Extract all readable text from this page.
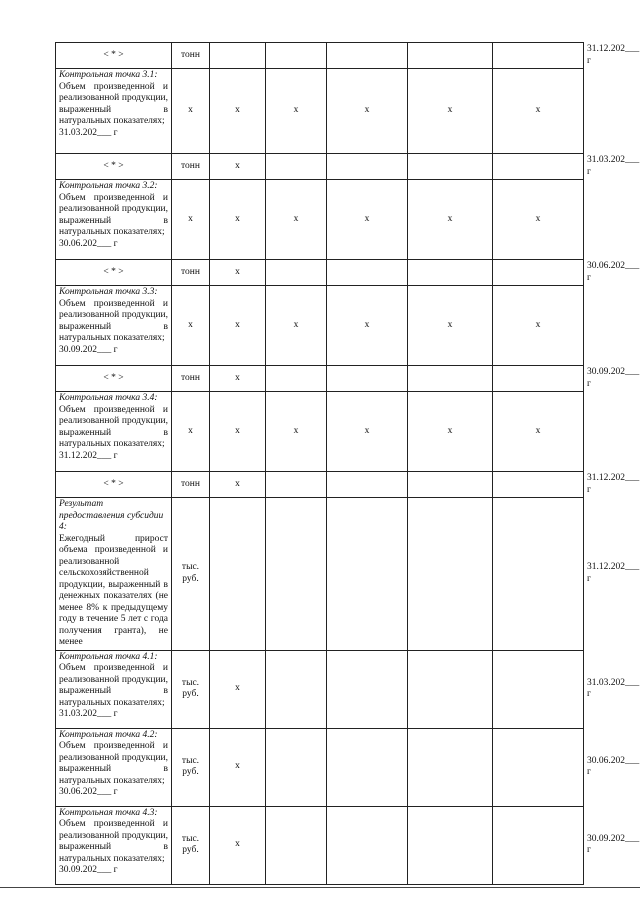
< * >	тонн						31.12.202___ г

Контрольная точка 3.1:
Объем произведенной и реализованной продукции, выраженный в натуральных показателях;
31.03.202___ г	x	x	x	x	x	x	
< * >	тонн	x					31.03.202___ г

Контрольная точка 3.2:
Объем произведенной и реализованной продукции, выраженный в натуральных показателях;
30.06.202___ г	x	x	x	x	x	x	
< * >	тонн	x					30.06.202___ г

Контрольная точка 3.3:
Объем произведенной и реализованной продукции, выраженный в натуральных показателях;
30.09.202___ г	x	x	x	x	x	x	
< * >	тонн	x					30.09.202___ г

Контрольная точка 3.4:
Объем произведенной и реализованной продукции, выраженный в натуральных показателях;
31.12.202___ г	x	x	x	x	x	x	
< * >	тонн	x					31.12.202___ г

Результат предоставления субсидии 4:
Ежегодный прирост объема произведенной и реализованной сельскохозяйственной продукции, выраженный в денежных показателях (не менее 8% к предыдущему году в течение 5 лет с года получения гранта), не менее	тыс. руб.						31.12.202___ г

Контрольная точка 4.1:
Объем произведенной и реализованной продукции, выраженный в натуральных показателях;
31.03.202___ г	тыс. руб.	x					31.03.202___ г

Контрольная точка 4.2:
Объем произведенной и реализованной продукции, выраженный в натуральных показателях;
30.06.202___ г	тыс. руб.	x					30.06.202___ г

Контрольная точка 4.3:
Объем произведенной и реализованной продукции, выраженный в натуральных показателях;
30.09.202___ г	тыс. руб.	x					30.09.202___ г
